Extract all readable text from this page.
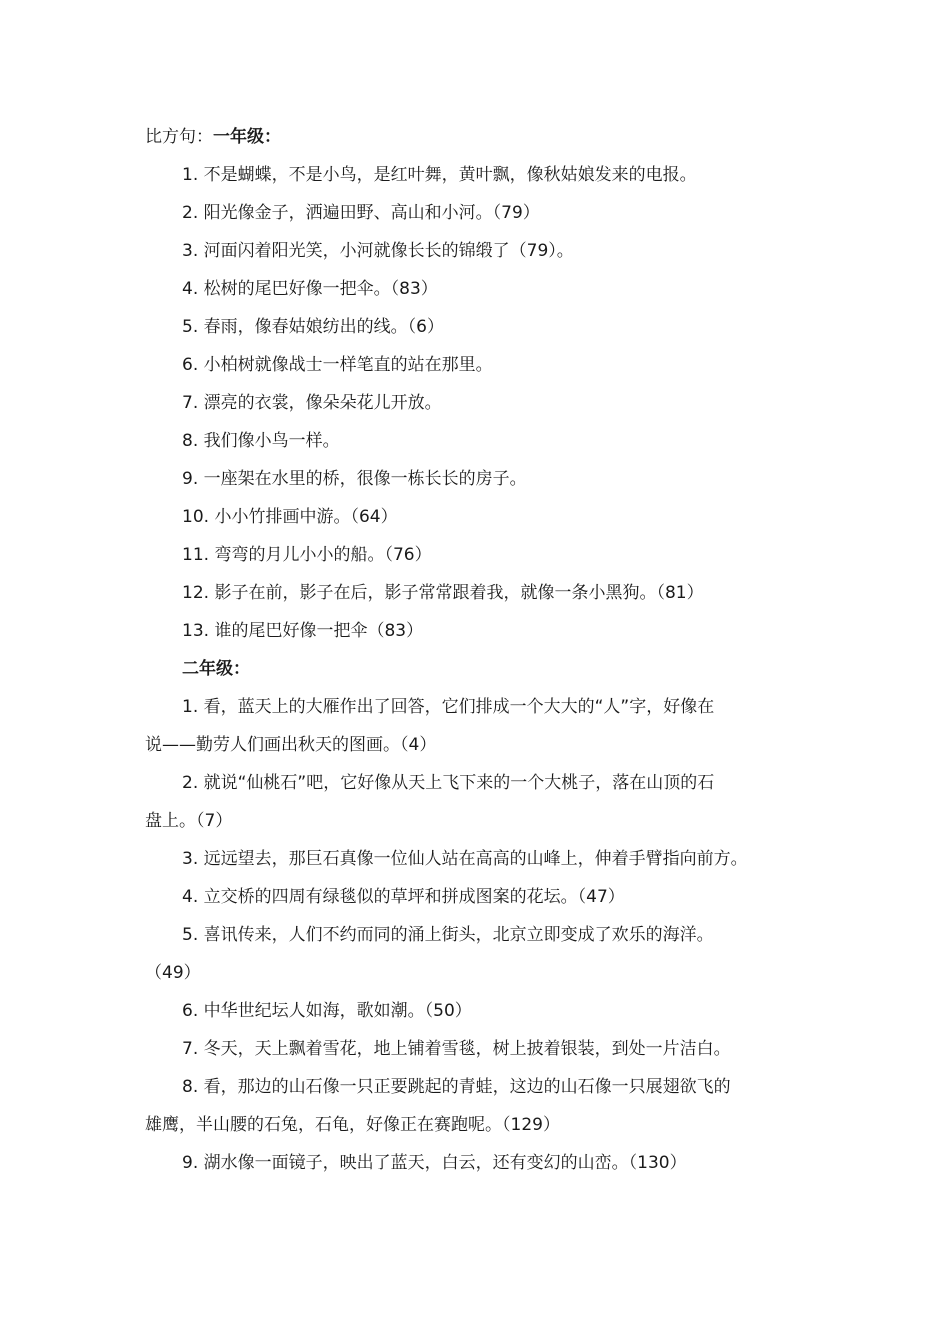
比方句：一年级：
1. 不是蝴蝶，不是小鸟，是红叶舞，黄叶飘，像秋姑娘发来的电报。
2. 阳光像金子，洒遍田野、高山和小河。（79）
3. 河面闪着阳光笑，小河就像长长的锦缎了（79）。
4. 松树的尾巴好像一把伞。（83）
5. 春雨，像春姑娘纺出的线。（6）
6. 小柏树就像战士一样笔直的站在那里。
7. 漂亮的衣裳，像朵朵花儿开放。
8. 我们像小鸟一样。
9. 一座架在水里的桥，很像一栋长长的房子。
10. 小小竹排画中游。（64）
11. 弯弯的月儿小小的船。（76）
12. 影子在前，影子在后，影子常常跟着我，就像一条小黑狗。（81）
13. 谁的尾巴好像一把伞（83）
二年级：
1. 看，蓝天上的大雁作出了回答，它们排成一个大大的“人”字，好像在
说——勤劳人们画出秋天的图画。（4）
2. 就说“仙桃石”吧，它好像从天上飞下来的一个大桃子，落在山顶的石
盘上。（7）
3. 远远望去，那巨石真像一位仙人站在高高的山峰上，伸着手臂指向前方。
4. 立交桥的四周有绿毯似的草坪和拼成图案的花坛。（47）
5. 喜讯传来，人们不约而同的涌上街头，北京立即变成了欢乐的海洋。
（49）
6. 中华世纪坛人如海，歌如潮。（50）
7. 冬天，天上飘着雪花，地上铺着雪毯，树上披着银装，到处一片洁白。
8. 看，那边的山石像一只正要跳起的青蛙，这边的山石像一只展翅欲飞的
雄鹰，半山腰的石兔，石龟，好像正在赛跑呢。（129）
9. 湖水像一面镜子，映出了蓝天，白云，还有变幻的山峦。（130）
